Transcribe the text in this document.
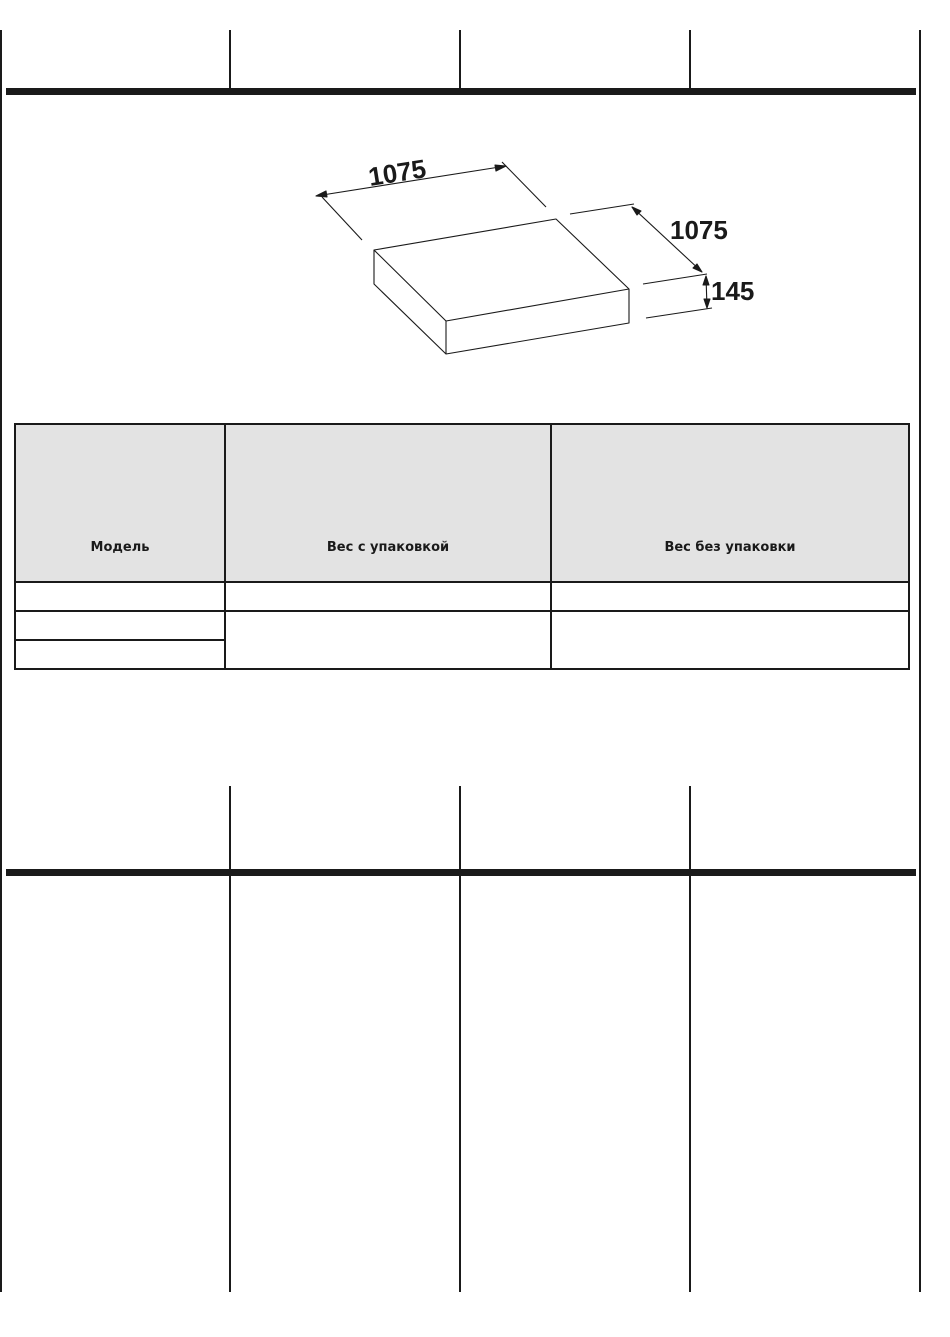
1075
1075
145
Модель	Вес с упаковкой	Вес без упаковки
